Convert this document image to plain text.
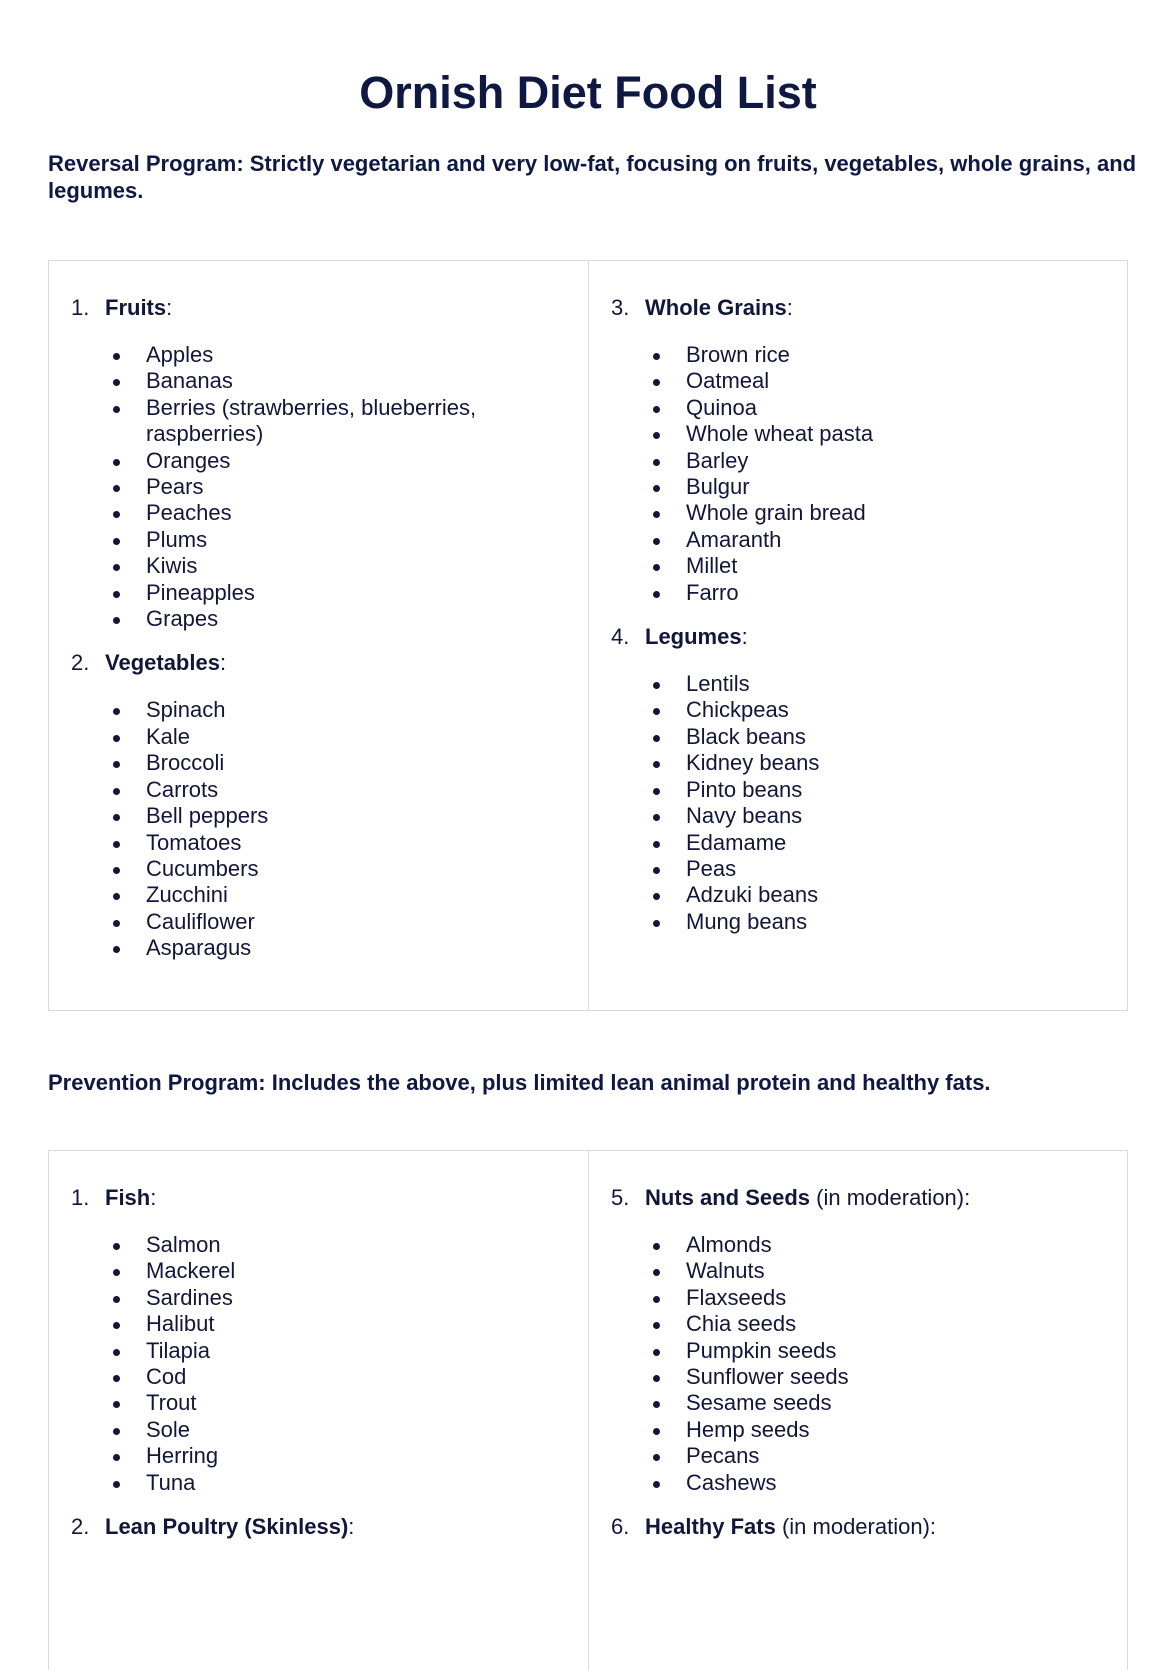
Ornish Diet Food List

Reversal Program: Strictly vegetarian and very low-fat, focusing on fruits, vegetables, whole grains, and legumes.

1. Fruits:
Apples
Bananas
Berries (strawberries, blueberries, raspberries)
Oranges
Pears
Peaches
Plums
Kiwis
Pineapples
Grapes
2. Vegetables:
Spinach
Kale
Broccoli
Carrots
Bell peppers
Tomatoes
Cucumbers
Zucchini
Cauliflower
Asparagus
3. Whole Grains:
Brown rice
Oatmeal
Quinoa
Whole wheat pasta
Barley
Bulgur
Whole grain bread
Amaranth
Millet
Farro
4. Legumes:
Lentils
Chickpeas
Black beans
Kidney beans
Pinto beans
Navy beans
Edamame
Peas
Adzuki beans
Mung beans

Prevention Program: Includes the above, plus limited lean animal protein and healthy fats.

1. Fish:
Salmon
Mackerel
Sardines
Halibut
Tilapia
Cod
Trout
Sole
Herring
Tuna
2. Lean Poultry (Skinless):
5. Nuts and Seeds (in moderation):
Almonds
Walnuts
Flaxseeds
Chia seeds
Pumpkin seeds
Sunflower seeds
Sesame seeds
Hemp seeds
Pecans
Cashews
6. Healthy Fats (in moderation):
